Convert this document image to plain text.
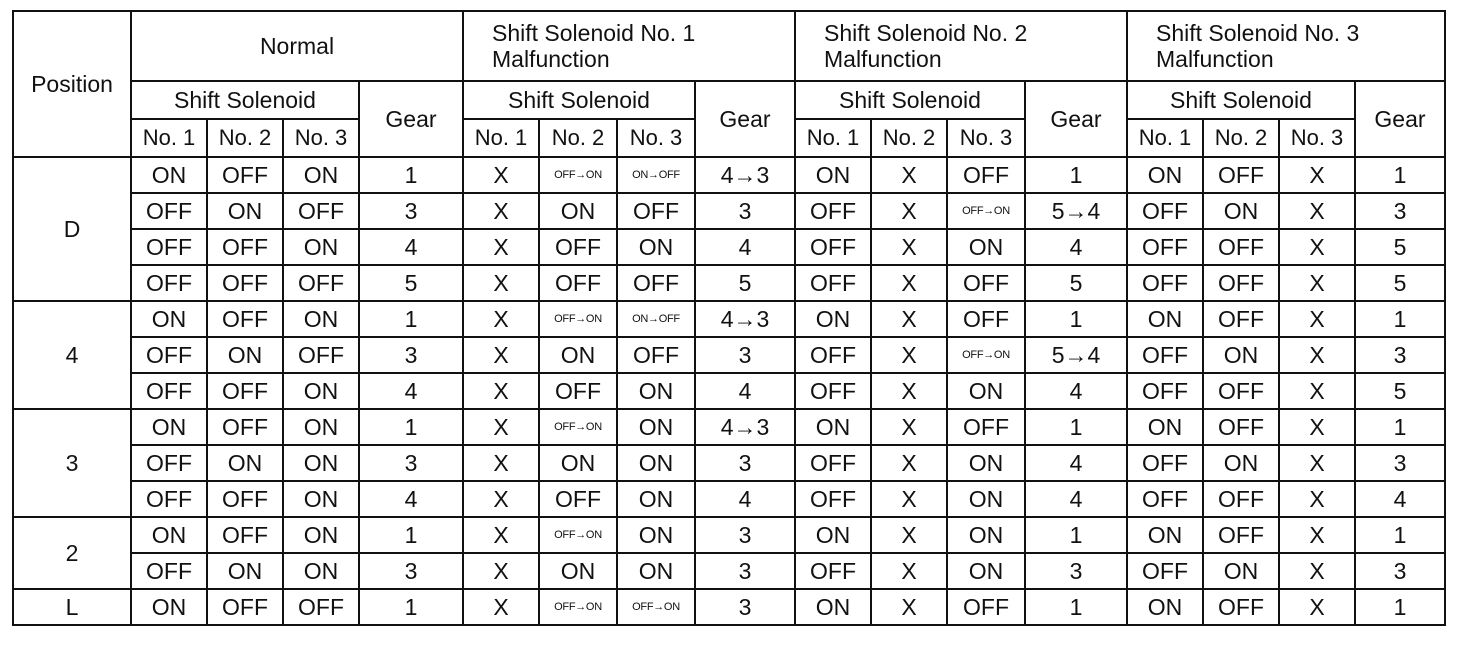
Position	Normal				Shift Solenoid No. 1 Malfunction				Shift Solenoid No. 2 Malfunction				Shift Solenoid No. 3 Malfunction			
	Shift Solenoid			Gear	Shift Solenoid			Gear	Shift Solenoid			Gear	Shift Solenoid			Gear
	No. 1	No. 2	No. 3		No. 1	No. 2	No. 3		No. 1	No. 2	No. 3		No. 1	No. 2	No. 3	
D	ON	OFF	ON	1	X	OFF→ON	ON→OFF	4→3	ON	X	OFF	1	ON	OFF	X	1
	OFF	ON	OFF	3	X	ON	OFF	3	OFF	X	OFF→ON	5→4	OFF	ON	X	3
	OFF	OFF	ON	4	X	OFF	ON	4	OFF	X	ON	4	OFF	OFF	X	5
	OFF	OFF	OFF	5	X	OFF	OFF	5	OFF	X	OFF	5	OFF	OFF	X	5
4	ON	OFF	ON	1	X	OFF→ON	ON→OFF	4→3	ON	X	OFF	1	ON	OFF	X	1
	OFF	ON	OFF	3	X	ON	OFF	3	OFF	X	OFF→ON	5→4	OFF	ON	X	3
	OFF	OFF	ON	4	X	OFF	ON	4	OFF	X	ON	4	OFF	OFF	X	5
3	ON	OFF	ON	1	X	OFF→ON	ON	4→3	ON	X	OFF	1	ON	OFF	X	1
	OFF	ON	ON	3	X	ON	ON	3	OFF	X	ON	4	OFF	ON	X	3
	OFF	OFF	ON	4	X	OFF	ON	4	OFF	X	ON	4	OFF	OFF	X	4
2	ON	OFF	ON	1	X	OFF→ON	ON	3	ON	X	ON	1	ON	OFF	X	1
	OFF	ON	ON	3	X	ON	ON	3	OFF	X	ON	3	OFF	ON	X	3
L	ON	OFF	OFF	1	X	OFF→ON	OFF→ON	3	ON	X	OFF	1	ON	OFF	X	1
